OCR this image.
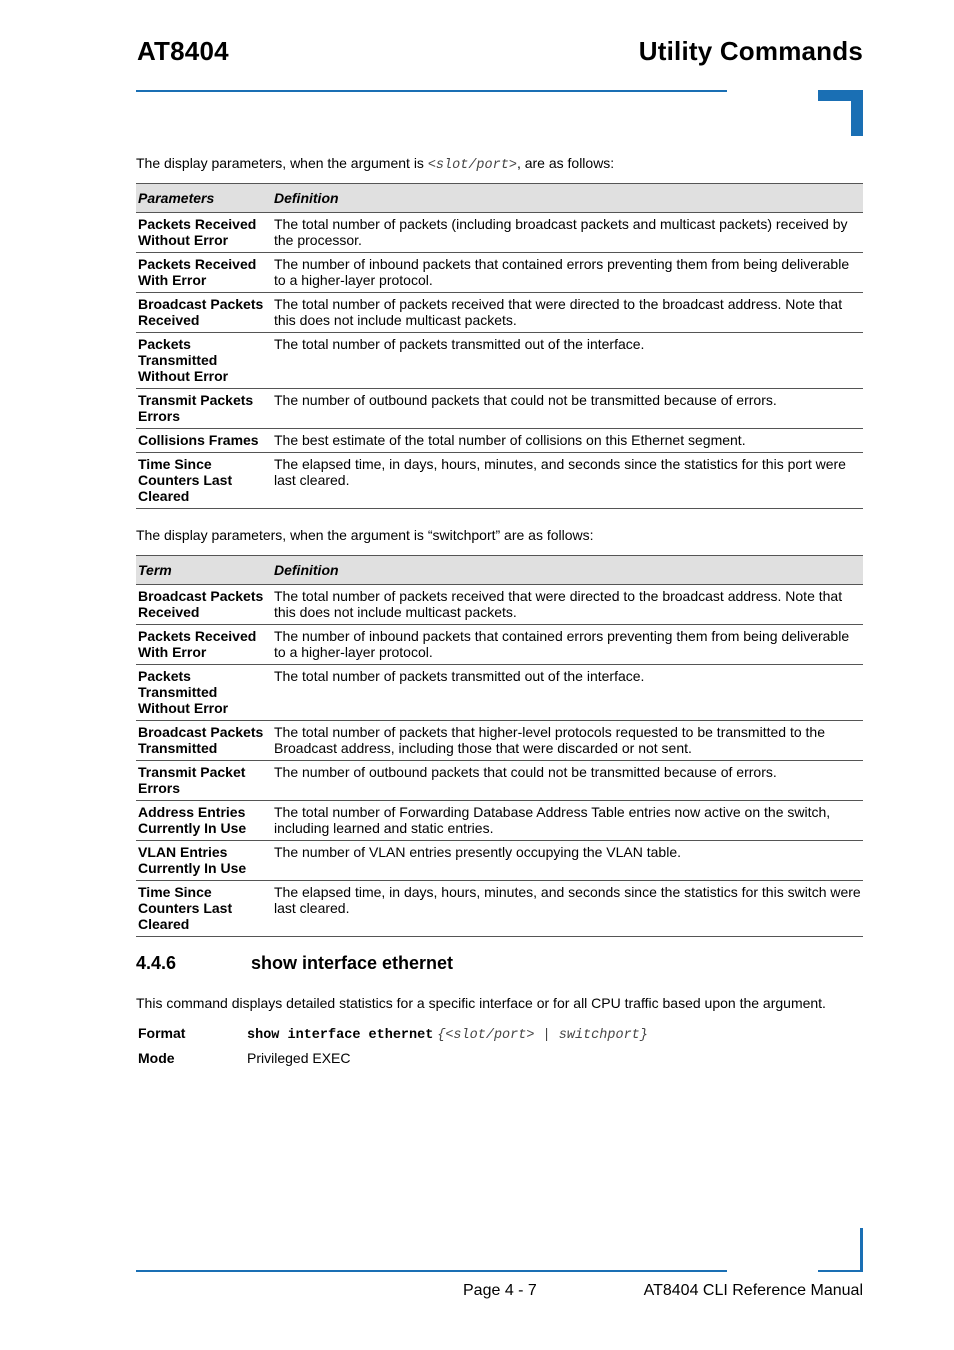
AT8404	Utility Commands
The display parameters, when the argument is <slot/port>, are as follows:
Parameters	Definition
Packets Received Without Error	The total number of packets (including broadcast packets and multicast packets) received by the processor.
Packets Received With Error	The number of inbound packets that contained errors preventing them from being deliverable to a higher-layer protocol.
Broadcast Packets Received	The total number of packets received that were directed to the broadcast address. Note that this does not include multicast packets.
Packets Transmitted Without Error	The total number of packets transmitted out of the interface.
Transmit Packets Errors	The number of outbound packets that could not be transmitted because of errors.
Collisions Frames	The best estimate of the total number of collisions on this Ethernet segment.
Time Since Counters Last Cleared	The elapsed time, in days, hours, minutes, and seconds since the statistics for this port were last cleared.
The display parameters, when the argument is “switchport” are as follows:
Term	Definition
Broadcast Packets Received	The total number of packets received that were directed to the broadcast address. Note that this does not include multicast packets.
Packets Received With Error	The number of inbound packets that contained errors preventing them from being deliverable to a higher-layer protocol.
Packets Transmitted Without Error	The total number of packets transmitted out of the interface.
Broadcast Packets Transmitted	The total number of packets that higher-level protocols requested to be transmitted to the Broadcast address, including those that were discarded or not sent.
Transmit Packet Errors	The number of outbound packets that could not be transmitted because of errors.
Address Entries Currently In Use	The total number of Forwarding Database Address Table entries now active on the switch, including learned and static entries.
VLAN Entries Currently In Use	The number of VLAN entries presently occupying the VLAN table.
Time Since Counters Last Cleared	The elapsed time, in days, hours, minutes, and seconds since the statistics for this switch were last cleared.
4.4.6	show interface ethernet
This command displays detailed statistics for a specific interface or for all CPU traffic based upon the argument.
Format	show interface ethernet {<slot/port> | switchport}
Mode	Privileged EXEC
Page 4 - 7	AT8404 CLI Reference Manual
